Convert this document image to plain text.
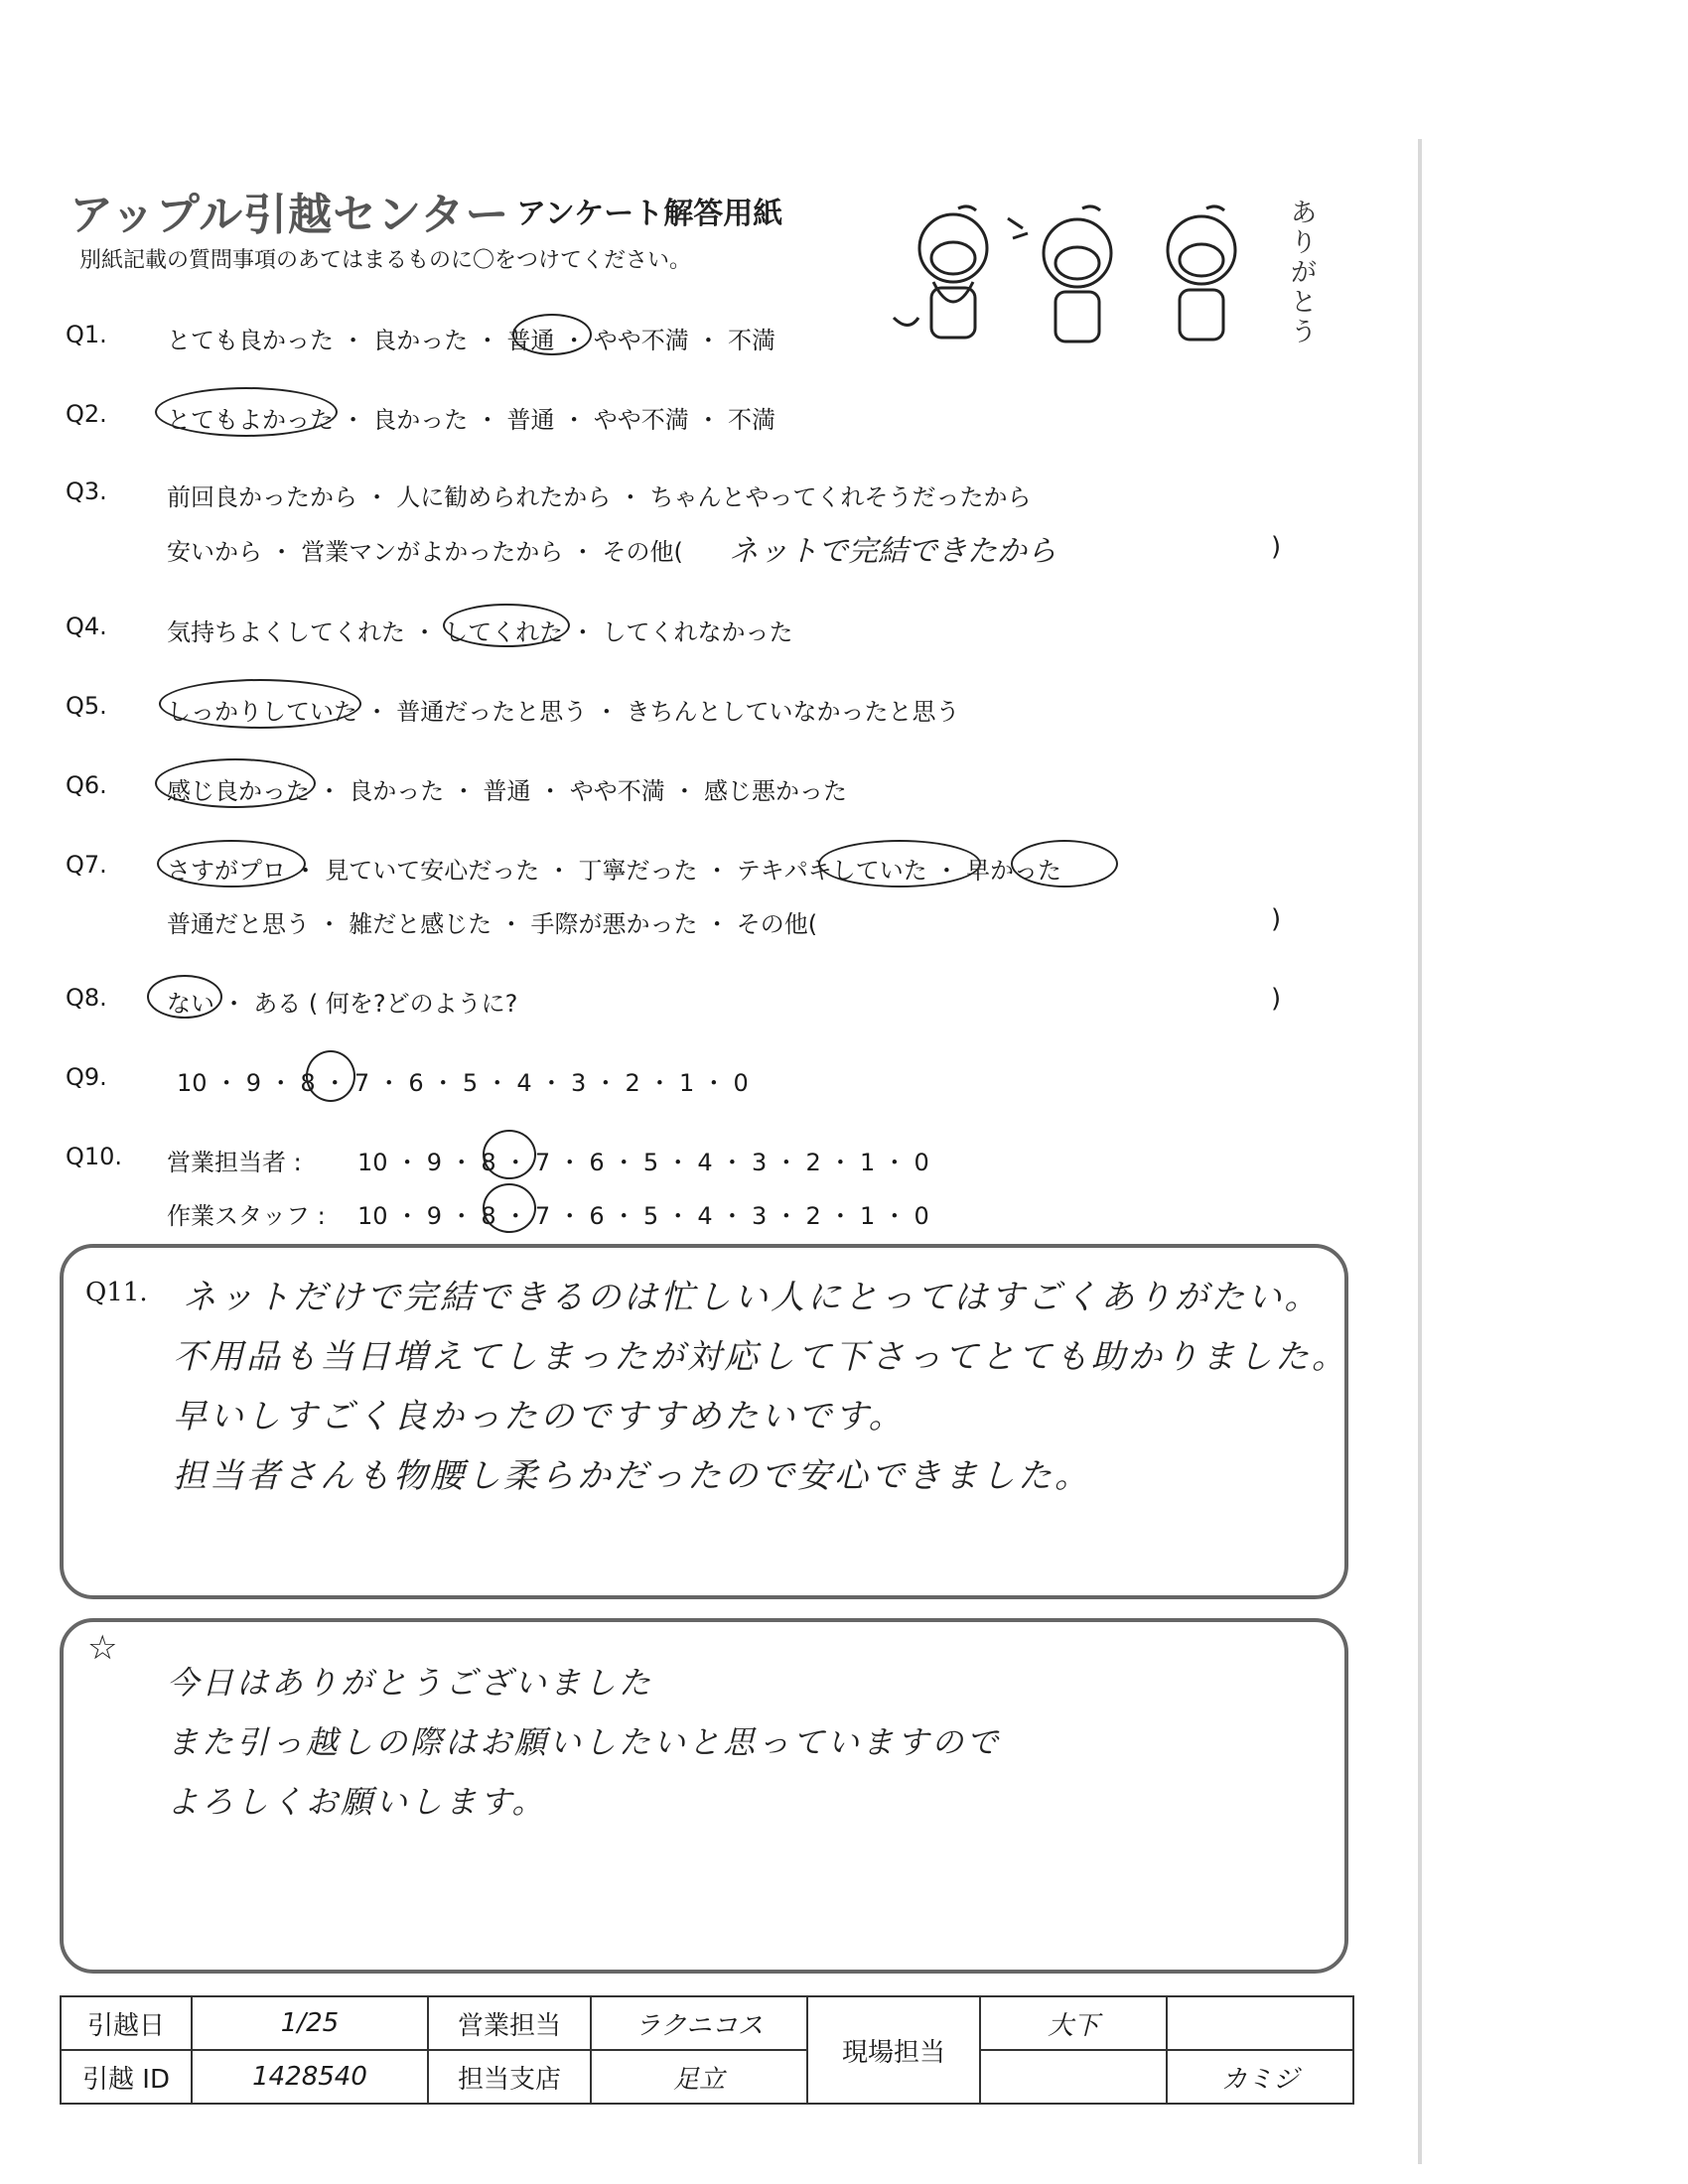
アップル引越センター アンケート解答用紙
別紙記載の質問事項のあてはまるものに〇をつけてください。
ありがとう
Q1.	とても良かった ・ 良かった ・ 普通 ・ やや不満 ・ 不満
Q2.	とてもよかった ・ 良かった ・ 普通 ・ やや不満 ・ 不満
Q3.	前回良かったから ・ 人に勧められたから ・ ちゃんとやってくれそうだったから
安いから ・ 営業マンがよかったから ・ その他( ネットで完結できたから	)
Q4.	気持ちよくしてくれた ・ してくれた ・ してくれなかった
Q5.	しっかりしていた ・ 普通だったと思う ・ きちんとしていなかったと思う
Q6.	感じ良かった ・ 良かった ・ 普通 ・ やや不満 ・ 感じ悪かった
Q7.	さすがプロ ・ 見ていて安心だった ・ 丁寧だった ・ テキパキしていた ・ 早かった
普通だと思う ・ 雑だと感じた ・ 手際が悪かった ・ その他(	)
Q8.	ない ・ ある ( 何を?どのように?	)
Q9.	10 ・ 9 ・ 8 ・ 7 ・ 6 ・ 5 ・ 4 ・ 3 ・ 2 ・ 1 ・ 0
Q10. 営業担当者 : 10 ・ 9 ・ 8 ・ 7 ・ 6 ・ 5 ・ 4 ・ 3 ・ 2 ・ 1 ・ 0
作業スタッフ : 10 ・ 9 ・ 8 ・ 7 ・ 6 ・ 5 ・ 4 ・ 3 ・ 2 ・ 1 ・ 0
ネットだけで完結できるのは忙しい人にとってはすごくありがたい。
不用品も当日増えてしまったが対応して下さってとても助かりました。
早いしすごく良かったのですすめたいです。
担当者さんも物腰し柔らかだったので安心できました。
Q11.
今日はありがとうございました
また引っ越しの際はお願いしたいと思っていますので
よろしくお願いします。
☆
引越日	1/25	営業担当	ラクニコス	現場担当	大下	
引越 ID	1428540	担当支店	足立			カミジ
